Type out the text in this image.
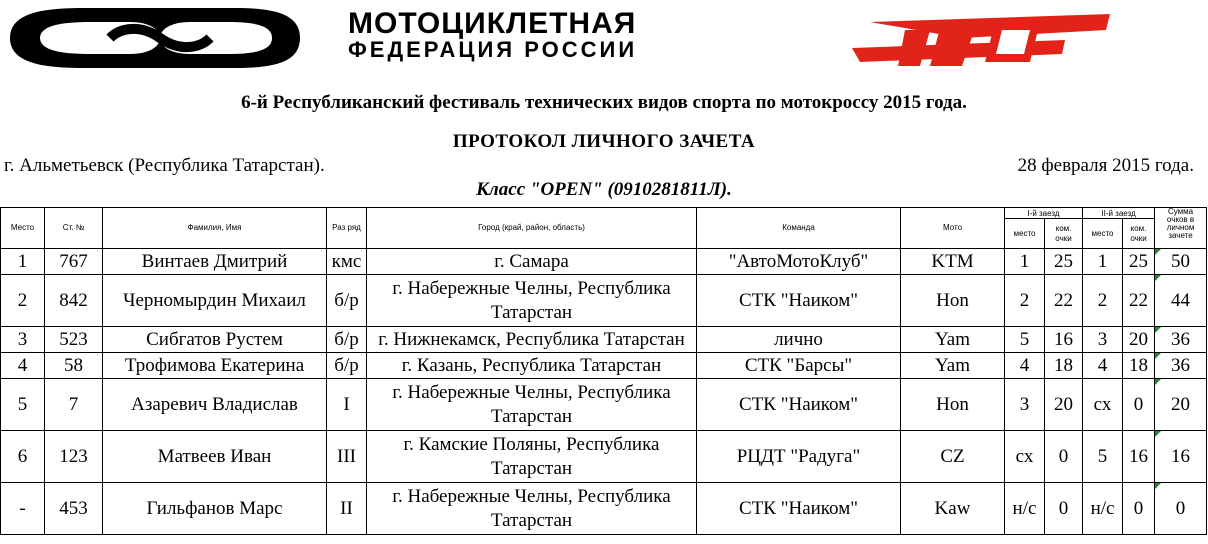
МОТОЦИКЛЕТНАЯ
ФЕДЕРАЦИЯ РОССИИ
6-й Республиканский фестиваль технических видов спорта по мотокроссу 2015 года.
ПРОТОКОЛ ЛИЧНОГО ЗАЧЕТА
г. Альметьевск (Республика Татарстан).	28 февраля 2015 года.
Класс "OPEN" (0910281811Л).
Место	Ст. №	Фамилия, Имя	Раз ряд	Город (край, район, область)	Команда	Мото	I-й заезд		II-й заезд		Сумма очков в личном зачете
							место	ком. очки	место	ком. очки	
1	767	Винтаев Дмитрий	кмс	г. Самара	"АвтоМотоКлуб"	KTM	1	25	1	25	50
2	842	Черномырдин Михаил	б/р	г. Набережные Челны, Республика Татарстан	СТК "Наиком"	Hon	2	22	2	22	44
3	523	Сибгатов Рустем	б/р	г. Нижнекамск, Республика Татарстан	лично	Yam	5	16	3	20	36
4	58	Трофимова Екатерина	б/р	г. Казань, Республика Татарстан	СТК "Барсы"	Yam	4	18	4	18	36
5	7	Азаревич Владислав	I	г. Набережные Челны, Республика Татарстан	СТК "Наиком"	Hon	3	20	сх	0	20
6	123	Матвеев Иван	III	г. Камские Поляны, Республика Татарстан	РЦДТ "Радуга"	CZ	сх	0	5	16	16
-	453	Гильфанов Марс	II	г. Набережные Челны, Республика Татарстан	СТК "Наиком"	Kaw	н/с	0	н/с	0	0
